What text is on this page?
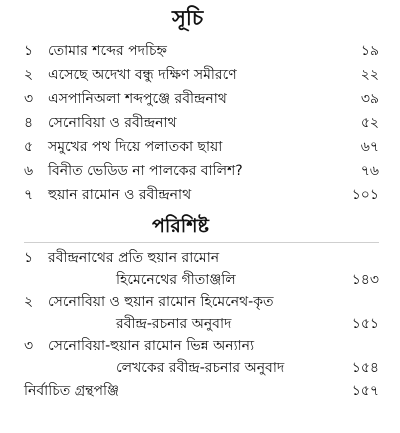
সূচি
১	তোমার শব্দের পদচিহ্ন	১৯
২	এসেছে অদেখা বন্ধু দক্ষিণ সমীরণে	২২
৩	এসপানিঅলা শব্দপুঞ্জে রবীন্দ্রনাথ	৩৯
৪	সেনোবিয়া ও রবীন্দ্রনাথ	৫২
৫	সমুখের পথ দিয়ে পলাতকা ছায়া	৬৭
৬	বিনীত ভেডিড না পালকের বালিশ?	৭৬
৭	হুয়ান রামোন ও রবীন্দ্রনাথ	১০১
পরিশিষ্ট
১	রবীন্দ্রনাথের প্রতি হুয়ান রামোন
হিমেনেথের গীতাঞ্জলি	১৪৩
২	সেনোবিয়া ও হুয়ান রামোন হিমেনেথ-কৃত
রবীন্দ্র-রচনার অনুবাদ	১৫১
৩	সেনোবিয়া-হুয়ান রামোন ভিন্ন অন্যান্য
লেখকের রবীন্দ্র-রচনার অনুবাদ	১৫৪
নির্বাচিত গ্রন্থপঞ্জি	১৫৭
